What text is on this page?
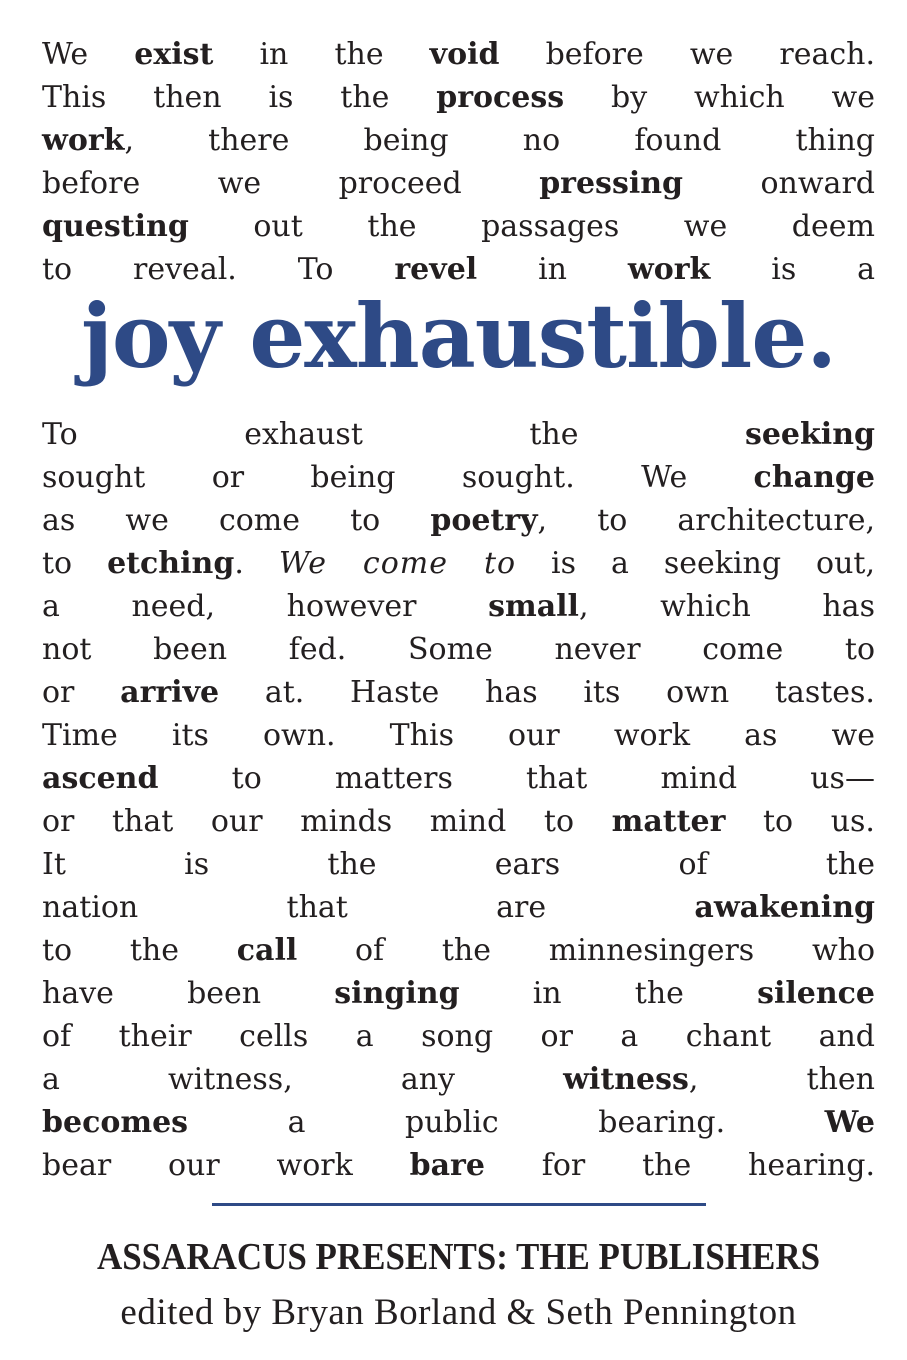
We exist in the void before we reach.
This then is the process by which we
work, there being no found thing
before	we	proceed	pressing	onward
questing out the passages we deem
to reveal. To revel in work is a
joy exhaustible.
To	exhaust	the	seeking
sought or being sought. We change
as we come to poetry, to architecture,
to etching. We come to is a seeking out,
a need, however small, which has
not been fed. Some never come to
or arrive at. Haste has its own tastes.
Time its own. This our work as we
ascend to matters that mind us—
or that our minds mind to matter to us.
It	is	the	ears	of	the
nation	that	are	awakening
to the call of the minnesingers who
have been singing in the silence
of their cells a song or a chant and
a	witness,	any	witness,	then
becomes	a	public	bearing.	We
bear our work bare for the hearing.
ASSARACUS PRESENTS: THE PUBLISHERS
edited by Bryan Borland & Seth Pennington
